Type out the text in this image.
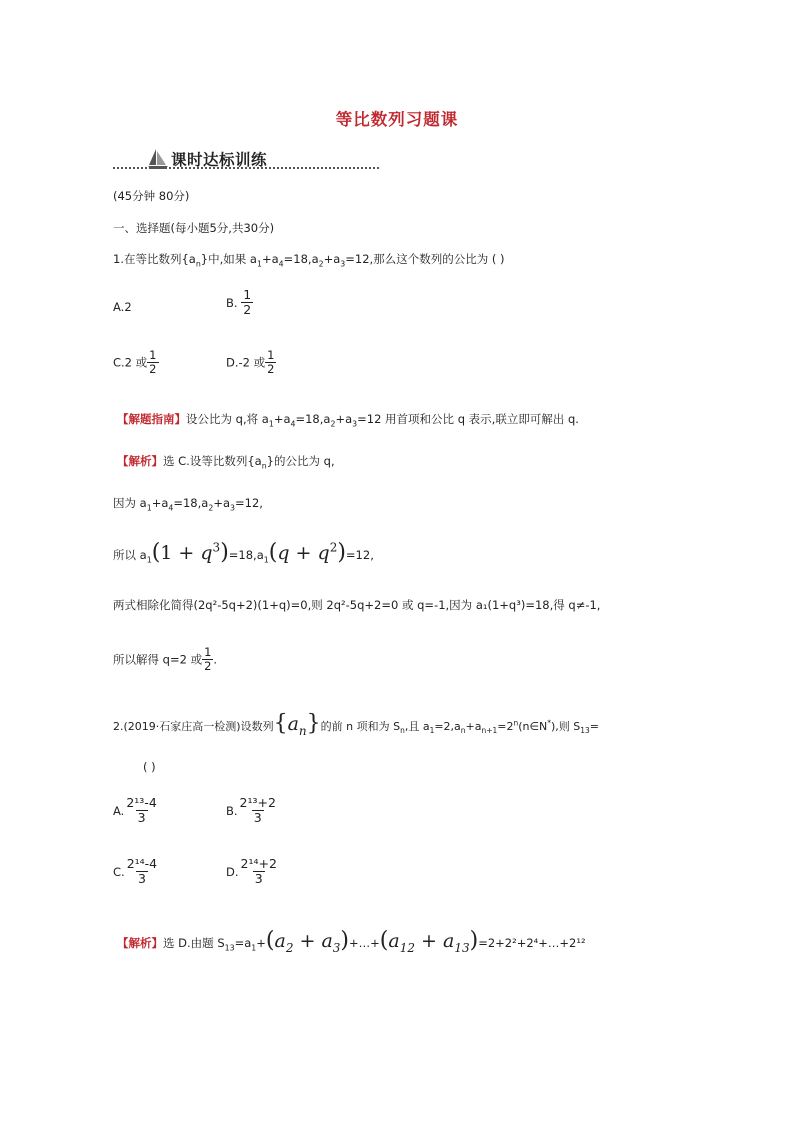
等比数列习题课
课时达标训练
(45分钟 80分)
一、选择题(每小题5分,共30分)
1.在等比数列$\{a_n\}$中,如果 $a_1+a_4=18,a_2+a_3=12$,那么这个数列的公比为 ( )
A.2	B. $\frac{1}{2}$
C.2 或 $\frac{1}{2}$	D.-2 或 $\frac{1}{2}$
【解题指南】设公比为 q,将 $a_1+a_4=18,a_2+a_3=12$ 用首项和公比 q 表示,联立即可解出 q.
【解析】选 C.设等比数列$\{a_n\}$的公比为 q,
因为 $a_1+a_4=18,a_2+a_3=12$,
所以 $a_1(1 + q^3)=18,a_1(q + q^2)=12$,
两式相除化简得(2q²-5q+2)(1+q)=0,则 2q²-5q+2=0 或 q=-1,因为 a₁(1+q³)=18,得 q≠-1,
所以解得 q=2 或 $\frac{1}{2}$ .
2.(2019·石家庄高一检测)设数列$\{a_n\}$的前 n 项和为 $S_n$,且 $a_1=2,a_n+a_{n+1}=2^n(n\in N^*)$,则 $S_{13}=$
( )
A. $\frac{\text{2¹³-4}}{3}$	B. $\frac{\text{2¹³+2}}{3}$
C. $\frac{\text{2¹⁴-4}}{3}$	D. $\frac{\text{2¹⁴+2}}{3}$
【解析】选 D.由题 $S_{13}=a_1+(a_2$ + $a_3)+\dots+(a_{12}$ + $a_{13})=2+2^2+2^4+\dots+2^{12}$
